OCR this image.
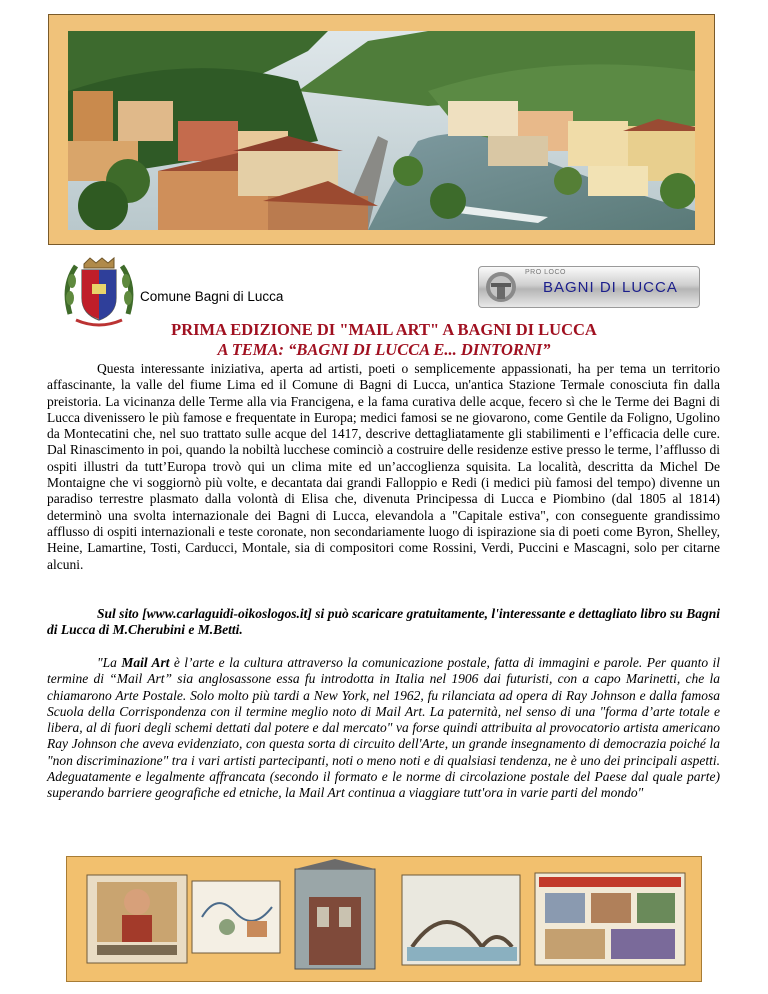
Comune Bagni di Lucca
PRO LOCO
BAGNI DI LUCCA

PRIMA EDIZIONE DI "MAIL ART" A BAGNI DI LUCCA

A TEMA: “BAGNI DI LUCCA E... DINTORNI”

Questa interessante iniziativa, aperta ad artisti, poeti o semplicemente appassionati, ha per tema un territorio affascinante, la valle del fiume Lima ed il Comune di Bagni di Lucca, un'antica Stazione Termale conosciuta fin dalla preistoria. La vicinanza delle Terme alla via Francigena, e la fama curativa delle acque, fecero sì che le Terme dei Bagni di Lucca divenissero le più famose e frequentate in Europa; medici famosi se ne giovarono, come Gentile da Foligno, Ugolino da Montecatini che, nel suo trattato sulle acque del 1417, descrive dettagliatamente gli stabilimenti e l’efficacia delle cure. Dal Rinascimento in poi, quando la nobiltà lucchese cominciò a costruire delle residenze estive presso le terme, l’afflusso di ospiti illustri da tutt’Europa trovò qui un clima mite ed un’accoglienza squisita. La località, descritta da Michel De Montaigne che vi soggiornò più volte, e decantata dai grandi Falloppio e Redi (i medici più famosi del tempo) divenne un paradiso terrestre plasmato dalla volontà di Elisa che, divenuta Principessa di Lucca e Piombino (dal 1805 al 1814) determinò una svolta internazionale dei Bagni di Lucca, elevandola a "Capitale estiva", con conseguente grandissimo afflusso di ospiti internazionali e teste coronate, non secondariamente luogo di ispirazione sia di poeti come Byron, Shelley, Heine, Lamartine, Tosti, Carducci, Montale, sia di compositori come Rossini, Verdi, Puccini e Mascagni, solo per citarne alcuni.

Sul sito [www.carlaguidi-oikoslogos.it] si può scaricare gratuitamente, l'interessante e dettagliato libro su Bagni di Lucca di M.Cherubini e M.Betti.

"La Mail Art è l’arte e la cultura attraverso la comunicazione postale, fatta di immagini e parole. Per quanto il termine di “Mail Art” sia anglosassone essa fu introdotta in Italia nel 1906 dai futuristi, con a capo Marinetti, che la chiamarono Arte Postale. Solo molto più tardi a New York, nel 1962, fu rilanciata ad opera di Ray Johnson e dalla famosa Scuola della Corrispondenza con il termine meglio noto di Mail Art. La paternità, nel senso di una "forma d’arte totale e libera, al di fuori degli schemi dettati dal potere e dal mercato" va forse quindi attribuita al provocatorio artista americano Ray Johnson che aveva evidenziato, con questa sorta di circuito dell'Arte, un grande insegnamento di democrazia poiché la "non discriminazione" tra i vari artisti partecipanti, noti o meno noti e di qualsiasi tendenza, ne è uno dei principali aspetti. Adeguatamente e legalmente affrancata (secondo il formato e le norme di circolazione postale del Paese dal quale parte) superando barriere geografiche ed etniche, la Mail Art continua a viaggiare tutt'ora in varie parti del mondo"
